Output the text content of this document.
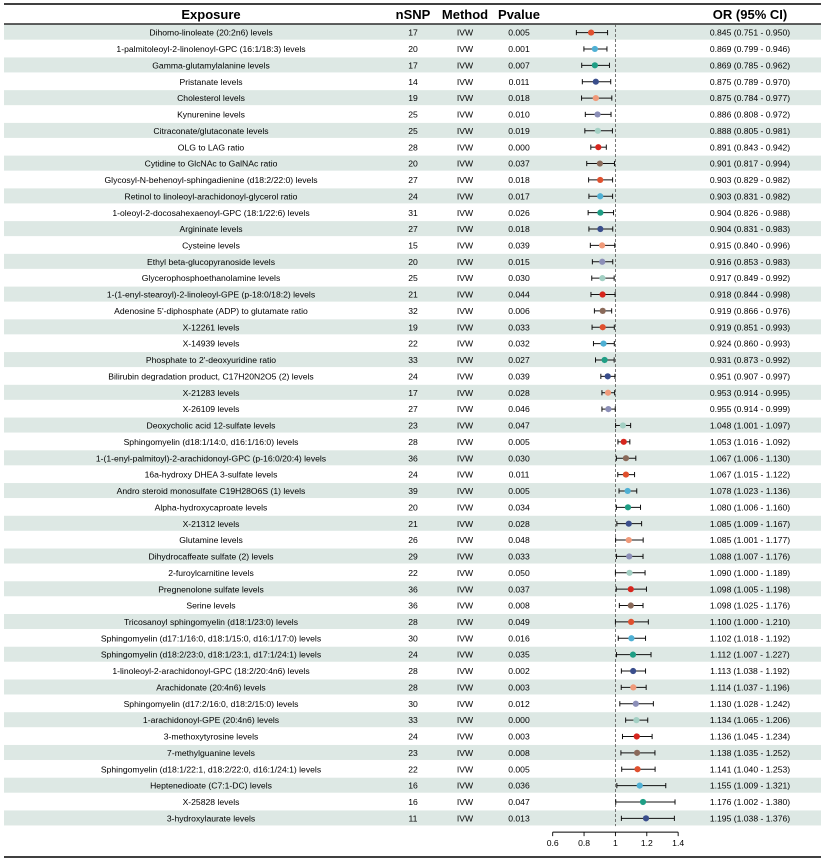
Exposure	nSNP Method Pvalue	OR (95% CI)
Dihomo-linoleate (20:2n6) levels	17	IVW	0.005	0.845 (0.751 - 0.950)
1-palmitoleoyl-2-linolenoyl-GPC (16:1/18:3) levels	20	IVW	0.001	0.869 (0.799 - 0.946)
Gamma-glutamylalanine levels	17	IVW	0.007	0.869 (0.785 - 0.962)
Pristanate levels	14	IVW	0.011	0.875 (0.789 - 0.970)
Cholesterol levels	19	IVW	0.018	0.875 (0.784 - 0.977)
Kynurenine levels	25	IVW	0.010	0.886 (0.808 - 0.972)
Citraconate/glutaconate levels	25	IVW	0.019	0.888 (0.805 - 0.981)
OLG to LAG ratio	28	IVW	0.000	0.891 (0.843 - 0.942)
Cytidine to GlcNAc to GalNAc ratio	20	IVW	0.037	0.901 (0.817 - 0.994)
Glycosyl-N-behenoyl-sphingadienine (d18:2/22:0) levels	27	IVW	0.018	0.903 (0.829 - 0.982)
Retinol to linoleoyl-arachidonoyl-glycerol ratio	24	IVW	0.017	0.903 (0.831 - 0.982)
1-oleoyl-2-docosahexaenoyl-GPC (18:1/22:6) levels	31	IVW	0.026	0.904 (0.826 - 0.988)
Argininate levels	27	IVW	0.018	0.904 (0.831 - 0.983)
Cysteine levels	15	IVW	0.039	0.915 (0.840 - 0.996)
Ethyl beta-glucopyranoside levels	20	IVW	0.015	0.916 (0.853 - 0.983)
Glycerophosphoethanolamine levels	25	IVW	0.030	0.917 (0.849 - 0.992)
1-(1-enyl-stearoyl)-2-linoleoyl-GPE (p-18:0/18:2) levels	21	IVW	0.044	0.918 (0.844 - 0.998)
Adenosine 5'-diphosphate (ADP) to glutamate ratio	32	IVW	0.006	0.919 (0.866 - 0.976)
X-12261 levels	19	IVW	0.033	0.919 (0.851 - 0.993)
X-14939 levels	22	IVW	0.032	0.924 (0.860 - 0.993)
Phosphate to 2'-deoxyuridine ratio	33	IVW	0.027	0.931 (0.873 - 0.992)
Bilirubin degradation product, C17H20N2O5 (2) levels	24	IVW	0.039	0.951 (0.907 - 0.997)
X-21283 levels	17	IVW	0.028	0.953 (0.914 - 0.995)
X-26109 levels	27	IVW	0.046	0.955 (0.914 - 0.999)
Deoxycholic acid 12-sulfate levels	23	IVW	0.047	1.048 (1.001 - 1.097)
Sphingomyelin (d18:1/14:0, d16:1/16:0) levels	28	IVW	0.005	1.053 (1.016 - 1.092)
1-(1-enyl-palmitoyl)-2-arachidonoyl-GPC (p-16:0/20:4) levels	36	IVW	0.030	1.067 (1.006 - 1.130)
16a-hydroxy DHEA 3-sulfate levels	24	IVW	0.011	1.067 (1.015 - 1.122)
Andro steroid monosulfate C19H28O6S (1) levels	39	IVW	0.005	1.078 (1.023 - 1.136)
Alpha-hydroxycaproate levels	20	IVW	0.034	1.080 (1.006 - 1.160)
X-21312 levels	21	IVW	0.028	1.085 (1.009 - 1.167)
Glutamine levels	26	IVW	0.048	1.085 (1.001 - 1.177)
Dihydrocaffeate sulfate (2) levels	29	IVW	0.033	1.088 (1.007 - 1.176)
2-furoylcarnitine levels	22	IVW	0.050	1.090 (1.000 - 1.189)
Pregnenolone sulfate levels	36	IVW	0.037	1.098 (1.005 - 1.198)
Serine levels	36	IVW	0.008	1.098 (1.025 - 1.176)
Tricosanoyl sphingomyelin (d18:1/23:0) levels	28	IVW	0.049	1.100 (1.000 - 1.210)
Sphingomyelin (d17:1/16:0, d18:1/15:0, d16:1/17:0) levels	30	IVW	0.016	1.102 (1.018 - 1.192)
Sphingomyelin (d18:2/23:0, d18:1/23:1, d17:1/24:1) levels	24	IVW	0.035	1.112 (1.007 - 1.227)
1-linoleoyl-2-arachidonoyl-GPC (18:2/20:4n6) levels	28	IVW	0.002	1.113 (1.038 - 1.192)
Arachidonate (20:4n6) levels	28	IVW	0.003	1.114 (1.037 - 1.196)
Sphingomyelin (d17:2/16:0, d18:2/15:0) levels	30	IVW	0.012	1.130 (1.028 - 1.242)
1-arachidonoyl-GPE (20:4n6) levels	33	IVW	0.000	1.134 (1.065 - 1.206)
3-methoxytyrosine levels	24	IVW	0.003	1.136 (1.045 - 1.234)
7-methylguanine levels	23	IVW	0.008	1.138 (1.035 - 1.252)
Sphingomyelin (d18:1/22:1, d18:2/22:0, d16:1/24:1) levels	22	IVW	0.005	1.141 (1.040 - 1.253)
Heptenedioate (C7:1-DC) levels	16	IVW	0.036	1.155 (1.009 - 1.321)
X-25828 levels	16	IVW	0.047	1.176 (1.002 - 1.380)
3-hydroxylaurate levels	11	IVW	0.013	1.195 (1.038 - 1.376)
0.6 0.8	1	1.2 1.4
